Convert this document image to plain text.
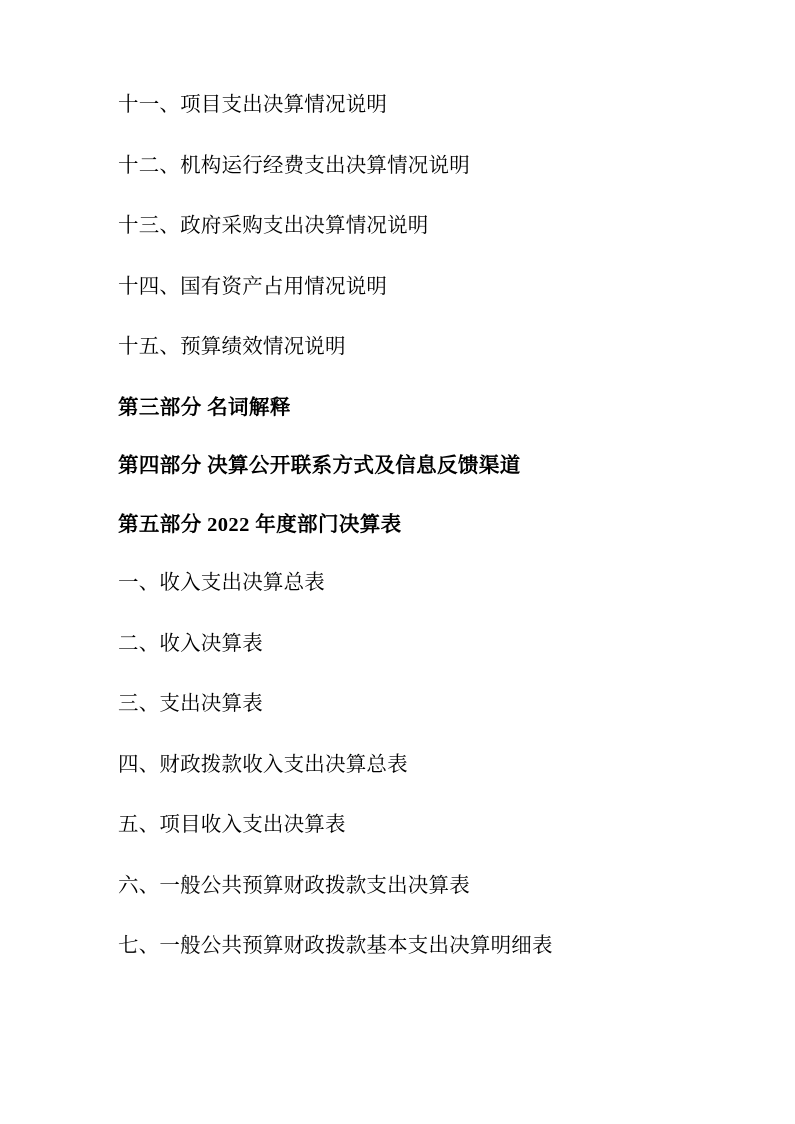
十一、项目支出决算情况说明
十二、机构运行经费支出决算情况说明
十三、政府采购支出决算情况说明
十四、国有资产占用情况说明
十五、预算绩效情况说明
第三部分 名词解释
第四部分 决算公开联系方式及信息反馈渠道
第五部分 2022 年度部门决算表
一、收入支出决算总表
二、收入决算表
三、支出决算表
四、财政拨款收入支出决算总表
五、项目收入支出决算表
六、一般公共预算财政拨款支出决算表
七、一般公共预算财政拨款基本支出决算明细表
